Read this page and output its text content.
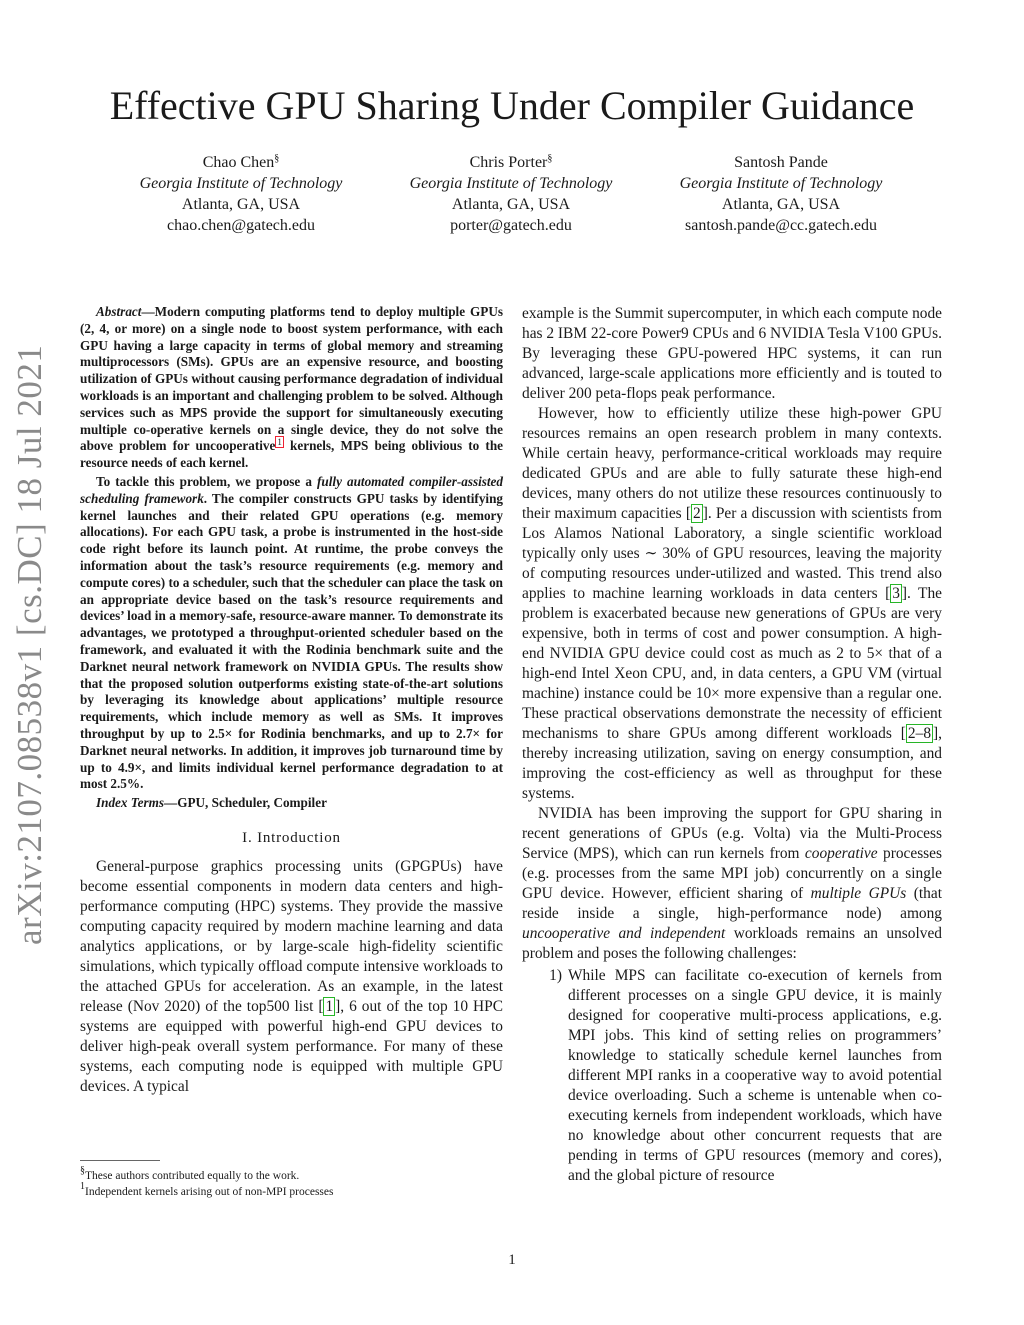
arXiv:2107.08538v1 [cs.DC] 18 Jul 2021
Effective GPU Sharing Under Compiler Guidance
Chao Chen§
Georgia Institute of Technology
Atlanta, GA, USA
chao.chen@gatech.edu
Chris Porter§
Georgia Institute of Technology
Atlanta, GA, USA
porter@gatech.edu
Santosh Pande
Georgia Institute of Technology
Atlanta, GA, USA
santosh.pande@cc.gatech.edu

Abstract—Modern computing platforms tend to deploy multiple GPUs (2, 4, or more) on a single node to boost system performance, with each GPU having a large capacity in terms of global memory and streaming multiprocessors (SMs). GPUs are an expensive resource, and boosting utilization of GPUs without causing performance degradation of individual workloads is an important and challenging problem to be solved. Although services such as MPS provide the support for simultaneously executing multiple co-operative kernels on a single device, they do not solve the above problem for uncooperative $^1$ kernels, MPS being oblivious to the resource needs of each kernel.

To tackle this problem, we propose a fully automated compiler-assisted scheduling framework. The compiler constructs GPU tasks by identifying kernel launches and their related GPU operations (e.g. memory allocations). For each GPU task, a probe is instrumented in the host-side code right before its launch point. At runtime, the probe conveys the information about the task’s resource requirements (e.g. memory and compute cores) to a scheduler, such that the scheduler can place the task on an appropriate device based on the task’s resource requirements and devices’ load in a memory-safe, resource-aware manner. To demonstrate its advantages, we prototyped a throughput-oriented scheduler based on the framework, and evaluated it with the Rodinia benchmark suite and the Darknet neural network framework on NVIDIA GPUs. The results show that the proposed solution outperforms existing state-of-the-art solutions by leveraging its knowledge about applications’ multiple resource requirements, which include memory as well as SMs. It improves throughput by up to 2.5× for Rodinia benchmarks, and up to 2.7× for Darknet neural networks. In addition, it improves job turnaround time by up to 4.9×, and limits individual kernel performance degradation to at most 2.5%.

Index Terms—GPU, Scheduler, Compiler

I. Introduction

General-purpose graphics processing units (GPGPUs) have become essential components in modern data centers and high-performance computing (HPC) systems. They provide the massive computing capacity required by modern machine learning and data analytics applications, or by large-scale high-fidelity scientific simulations, which typically offload compute intensive workloads to the attached GPUs for acceleration. As an example, in the latest release (Nov 2020) of the top500 list [ 1 ], 6 out of the top 10 HPC systems are equipped with powerful high-end GPU devices to deliver high-peak overall system performance. For many of these systems, each computing node is equipped with multiple GPU devices. A typical

example is the Summit supercomputer, in which each compute node has 2 IBM 22-core Power9 CPUs and 6 NVIDIA Tesla V100 GPUs. By leveraging these GPU-powered HPC systems, it can run advanced, large-scale applications more efficiently and is touted to deliver 200 peta-flops peak performance.

However, how to efficiently utilize these high-power GPU resources remains an open research problem in many contexts. While certain heavy, performance-critical workloads may require dedicated GPUs and are able to fully saturate these high-end devices, many others do not utilize these resources continuously to their maximum capacities [ 2 ]. Per a discussion with scientists from Los Alamos National Laboratory, a single scientific workload typically only uses ∼ 30% of GPU resources, leaving the majority of computing resources under-utilized and wasted. This trend also applies to machine learning workloads in data centers [ 3 ]. The problem is exacerbated because new generations of GPUs are very expensive, both in terms of cost and power consumption. A high-end NVIDIA GPU device could cost as much as 2 to 5× that of a high-end Intel Xeon CPU, and, in data centers, a GPU VM (virtual machine) instance could be 10× more expensive than a regular one. These practical observations demonstrate the necessity of efficient mechanisms to share GPUs among different workloads [ 2–8 ], thereby increasing utilization, saving on energy consumption, and improving the cost-efficiency as well as throughput for these systems.

NVIDIA has been improving the support for GPU sharing in recent generations of GPUs (e.g. Volta) via the Multi-Process Service (MPS), which can run kernels from cooperative processes (e.g. processes from the same MPI job) concurrently on a single GPU device. However, efficient sharing of multiple GPUs (that reside inside a single, high-performance node) among uncooperative and independent workloads remains an unsolved problem and poses the following challenges:

1) While MPS can facilitate co-execution of kernels from different processes on a single GPU device, it is mainly designed for cooperative multi-process applications, e.g. MPI jobs. This kind of setting relies on programmers’ knowledge to statically schedule kernel launches from different MPI ranks in a cooperative way to avoid potential device overloading. Such a scheme is untenable when co-executing kernels from independent workloads, which have no knowledge about other concurrent requests that are pending in terms of GPU resources (memory and cores), and the global picture of resource
§These authors contributed equally to the work.
$^1$Independent kernels arising out of non-MPI processes
1
